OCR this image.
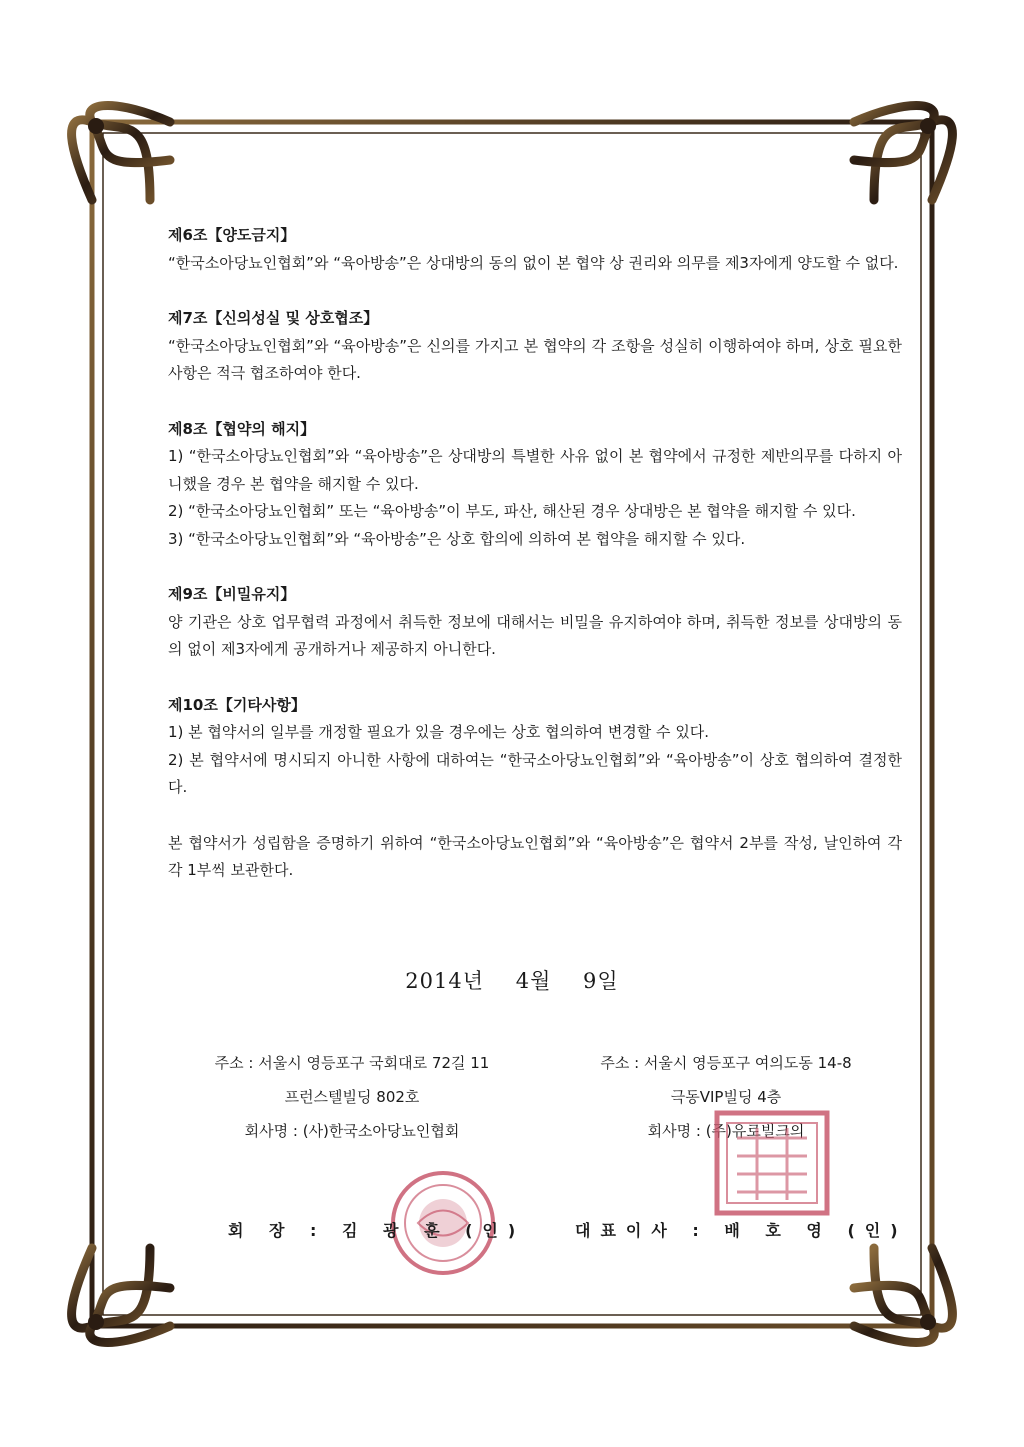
제6조【양도금지】
“한국소아당뇨인협회”와 “육아방송”은 상대방의 동의 없이 본 협약 상 권리와 의무를 제3자에게 양도할 수 없다.
제7조【신의성실 및 상호협조】
“한국소아당뇨인협회”와 “육아방송”은 신의를 가지고 본 협약의 각 조항을 성실히 이행하여야 하며, 상호 필요한 사항은 적극 협조하여야 한다.
제8조【협약의 해지】
1) “한국소아당뇨인협회”와 “육아방송”은 상대방의 특별한 사유 없이 본 협약에서 규정한 제반의무를 다하지 아니했을 경우 본 협약을 해지할 수 있다.
2) “한국소아당뇨인협회” 또는 “육아방송”이 부도, 파산, 해산된 경우 상대방은 본 협약을 해지할 수 있다.
3) “한국소아당뇨인협회”와 “육아방송”은 상호 합의에 의하여 본 협약을 해지할 수 있다.
제9조【비밀유지】
양 기관은 상호 업무협력 과정에서 취득한 정보에 대해서는 비밀을 유지하여야 하며, 취득한 정보를 상대방의 동의 없이 제3자에게 공개하거나 제공하지 아니한다.
제10조【기타사항】
1) 본 협약서의 일부를 개정할 필요가 있을 경우에는 상호 협의하여 변경할 수 있다.
2) 본 협약서에 명시되지 아니한 사항에 대하여는 “한국소아당뇨인협회”와 “육아방송”이 상호 협의하여 결정한다.
본 협약서가 성립함을 증명하기 위하여 “한국소아당뇨인협회”와 “육아방송”은 협약서 2부를 작성, 날인하여 각각 1부씩 보관한다.
2014년 4월 9일
주소 : 서울시 영등포구 국회대로 72길 11
프런스텔빌딩 802호
회사명 : (사)한국소아당뇨인협회
주소 : 서울시 영등포구 여의도동 14-8
극동VIP빌딩 4층
회사명 : (주)유로빌크의
회 장 : 김 광 훈 (인)	대표이사 : 배 호 영 (인)
